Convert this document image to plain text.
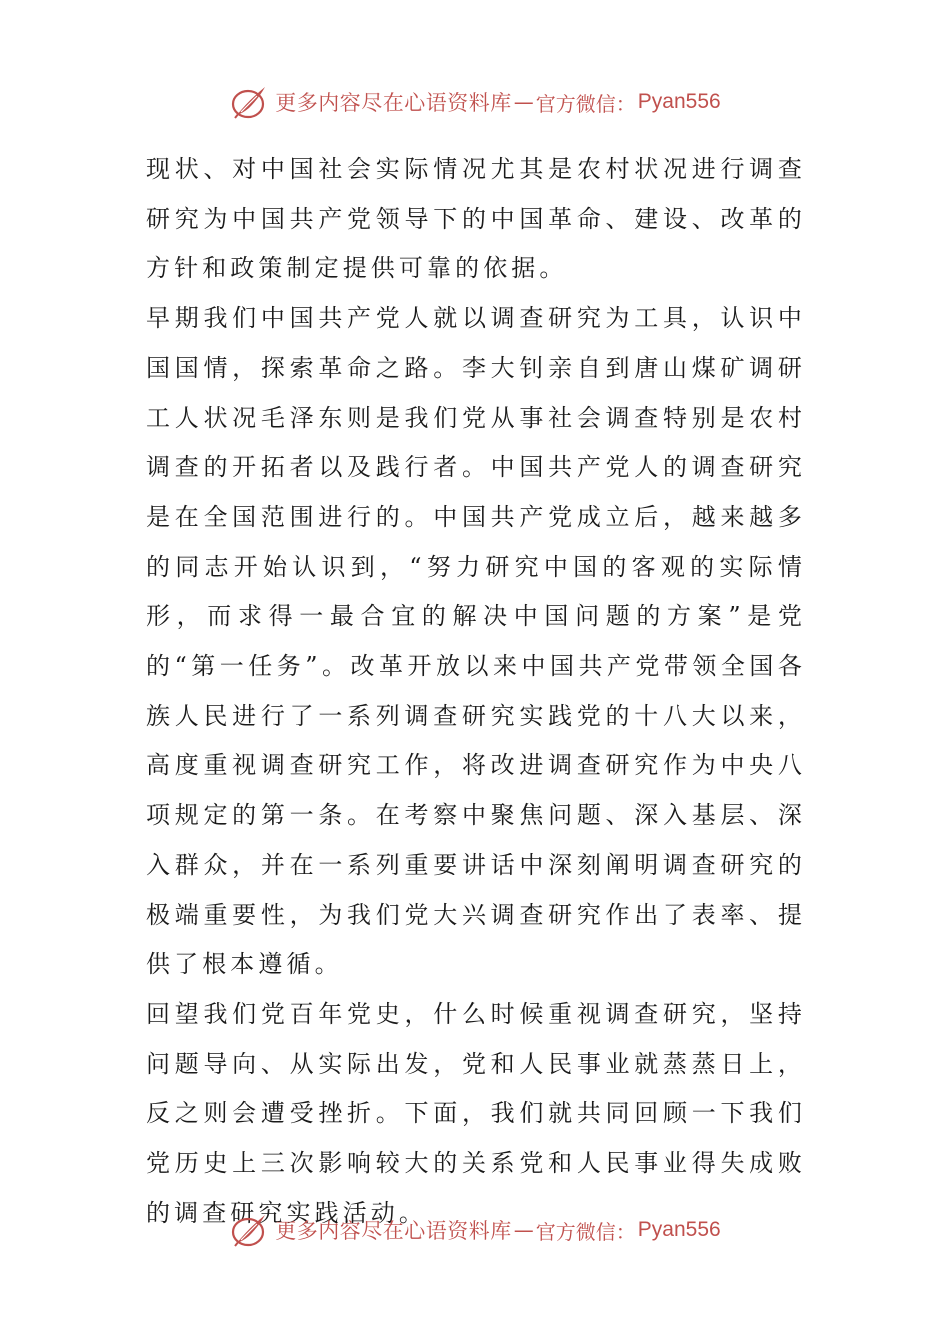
更多内容尽在心语资料库 — 官方微信： Pyan556

现状、对中国社会实际情况尤其是农村状况进行调查研究为中国共产党领导下的中国革命、建设、改革的方针和政策制定提供可靠的依据。

早期我们中国共产党人就以调查研究为工具，认识中国国情，探索革命之路。李大钊亲自到唐山煤矿调研工人状况毛泽东则是我们党从事社会调查特别是农村调查的开拓者以及践行者。中国共产党人的调查研究是在全国范围进行的。中国共产党成立后，越来越多的同志开始认识到，“努力研究中国的客观的实际情形，而求得一最合宜的解决中国问题的方案”是党的“第一任务”。改革开放以来中国共产党带领全国各族人民进行了一系列调查研究实践党的十八大以来，高度重视调查研究工作，将改进调查研究作为中央八项规定的第一条。在考察中聚焦问题、深入基层、深入群众，并在一系列重要讲话中深刻阐明调查研究的极端重要性，为我们党大兴调查研究作出了表率、提供了根本遵循。

回望我们党百年党史，什么时候重视调查研究，坚持问题导向、从实际出发，党和人民事业就蒸蒸日上，反之则会遭受挫折。下面，我们就共同回顾一下我们党历史上三次影响较大的关系党和人民事业得失成败的调查研究实践活动。

更多内容尽在心语资料库 — 官方微信： Pyan556
